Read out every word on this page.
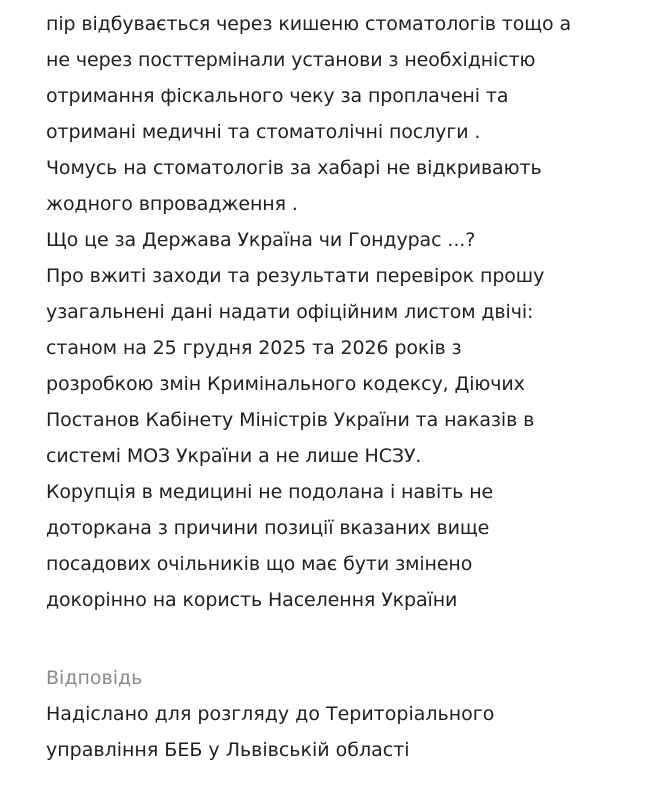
пір відбувається через кишеню стоматологів тощо а
не через посттермінали установи з необхідністю
отримання фіскального чеку за проплачені та
отримані медичні та стоматолічні послуги .
Чомусь на стоматологів за хабарі не відкривають
жодного впровадження .
Що це за Держава Україна чи Гондурас ...?
Про вжиті заходи та результати перевірок прошу
узагальнені дані надати офіційним листом двічі:
станом на 25 грудня 2025 та 2026 років з
розробкою змін Кримінального кодексу, Діючих
Постанов Кабінету Міністрів України та наказів в
системі МОЗ України а не лише НСЗУ.
Корупція в медицині не подолана і навіть не
доторкана з причини позиції вказаних вище
посадових очільників що має бути змінено
докорінно на користь Населення України
Відповідь
Надіслано для розгляду до Територіального
управління БЕБ у Львівській області
